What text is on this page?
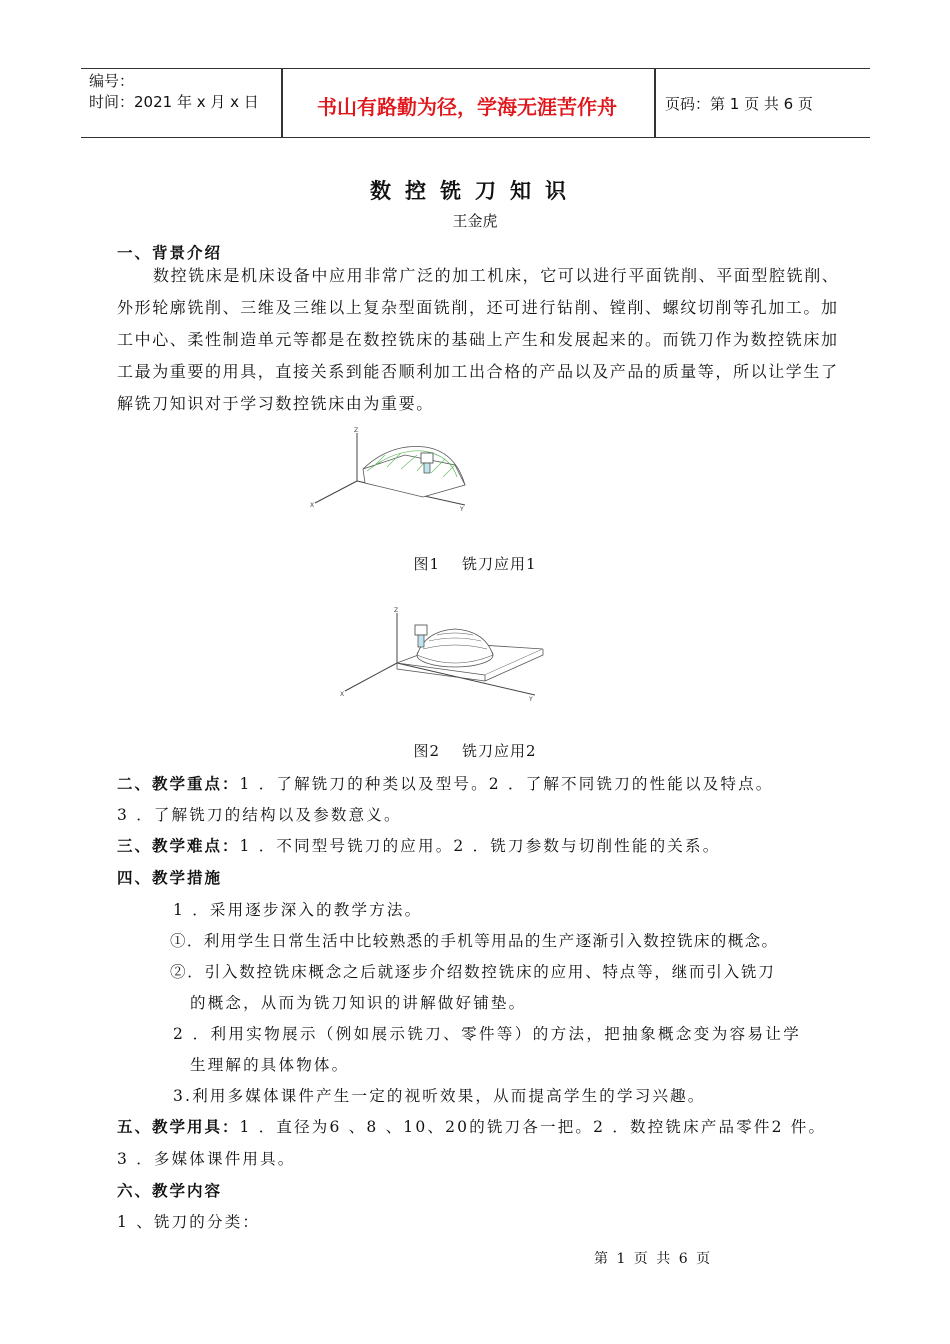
编号：
时间：2021 年 x 月 x 日	书山有路勤为径，学海无涯苦作舟	页码：第 1 页 共 6 页
数控铣刀知识
王金虎
一、背景介绍
数控铣床是机床设备中应用非常广泛的加工机床，它可以进行平面铣削、平面型腔铣削、外形轮廓铣削、三维及三维以上复杂型面铣削，还可进行钻削、镗削、螺纹切削等孔加工。加工中心、柔性制造单元等都是在数控铣床的基础上产生和发展起来的。而铣刀作为数控铣床加工最为重要的用具，直接关系到能否顺利加工出合格的产品以及产品的质量等，所以让学生了解铣刀知识对于学习数控铣床由为重要。
Z
X
Y
图1 铣刀应用1
Z
X
Y
图2 铣刀应用2
二、教学重点：1 ．了解铣刀的种类以及型号。2 ．了解不同铣刀的性能以及特点。
3 ．了解铣刀的结构以及参数意义。
三、教学难点：1 ．不同型号铣刀的应用。2 ．铣刀参数与切削性能的关系。
四、教学措施
1 ．采用逐步深入的教学方法。
①．利用学生日常生活中比较熟悉的手机等用品的生产逐渐引入数控铣床的概念。
②．引入数控铣床概念之后就逐步介绍数控铣床的应用、特点等，继而引入铣刀
的概念，从而为铣刀知识的讲解做好铺垫。
2 ．利用实物展示（例如展示铣刀、零件等）的方法，把抽象概念变为容易让学
生理解的具体物体。
3.利用多媒体课件产生一定的视听效果，从而提高学生的学习兴趣。
五、教学用具：1 ．直径为6 、8 、10、20的铣刀各一把。2 ．数控铣床产品零件2 件。
3 ．多媒体课件用具。
六、教学内容
1 、铣刀的分类：
第 1 页 共 6 页
